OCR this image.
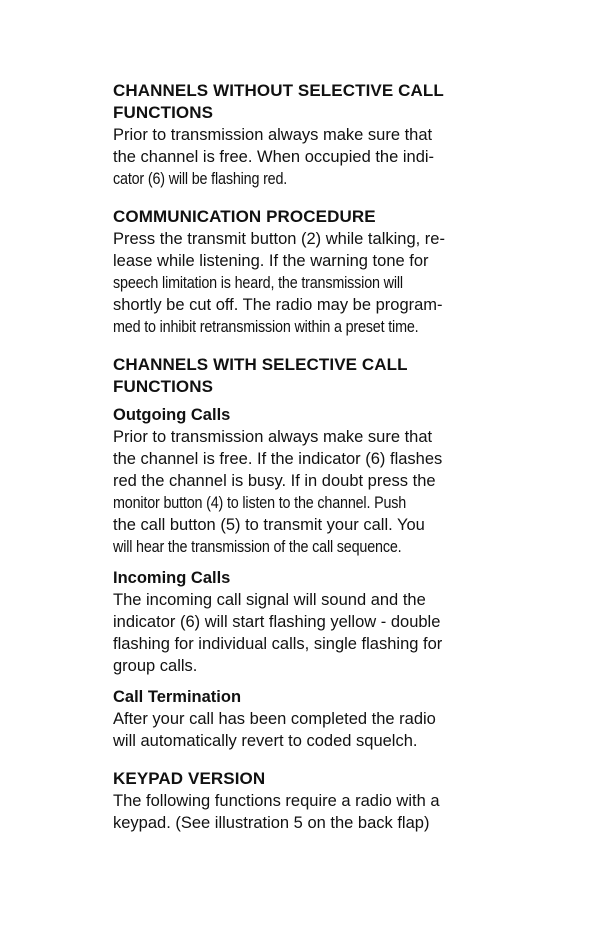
CHANNELS WITHOUT SELECTIVE CALL
FUNCTIONS

Prior to transmission always make sure that
the channel is free. When occupied the indi-
cator (6) will be flashing red.

COMMUNICATION PROCEDURE

Press the transmit button (2) while talking, re-
lease while listening. If the warning tone for
speech limitation is heard, the transmission will
shortly be cut off. The radio may be program-
med to inhibit retransmission within a preset time.

CHANNELS WITH SELECTIVE CALL
FUNCTIONS
Outgoing Calls

Prior to transmission always make sure that
the channel is free. If the indicator (6) flashes
red the channel is busy. If in doubt press the
monitor button (4) to listen to the channel. Push
the call button (5) to transmit your call. You
will hear the transmission of the call sequence.

Incoming Calls

The incoming call signal will sound and the
indicator (6) will start flashing yellow - double
flashing for individual calls, single flashing for
group calls.

Call Termination

After your call has been completed the radio
will automatically revert to coded squelch.

KEYPAD VERSION

The following functions require a radio with a
keypad. (See illustration 5 on the back flap)
